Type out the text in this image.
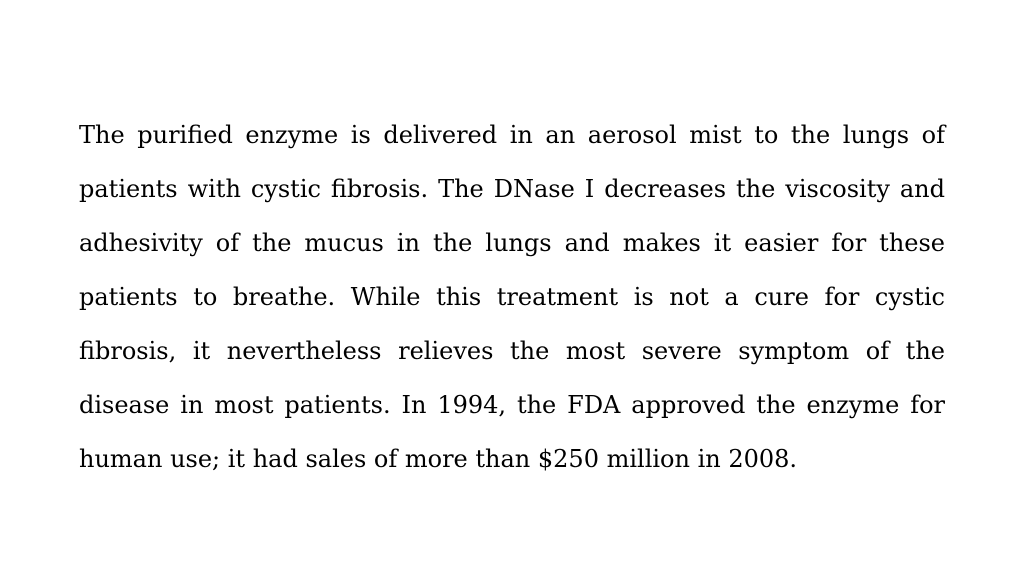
The purified enzyme is delivered in an aerosol mist to the lungs of patients with cystic fibrosis. The DNase I decreases the viscosity and adhesivity of the mucus in the lungs and makes it easier for these patients to breathe. While this treatment is not a cure for cystic fibrosis, it nevertheless relieves the most severe symptom of the disease in most patients. In 1994, the FDA approved the enzyme for human use; it had sales of more than $250 million in 2008.
